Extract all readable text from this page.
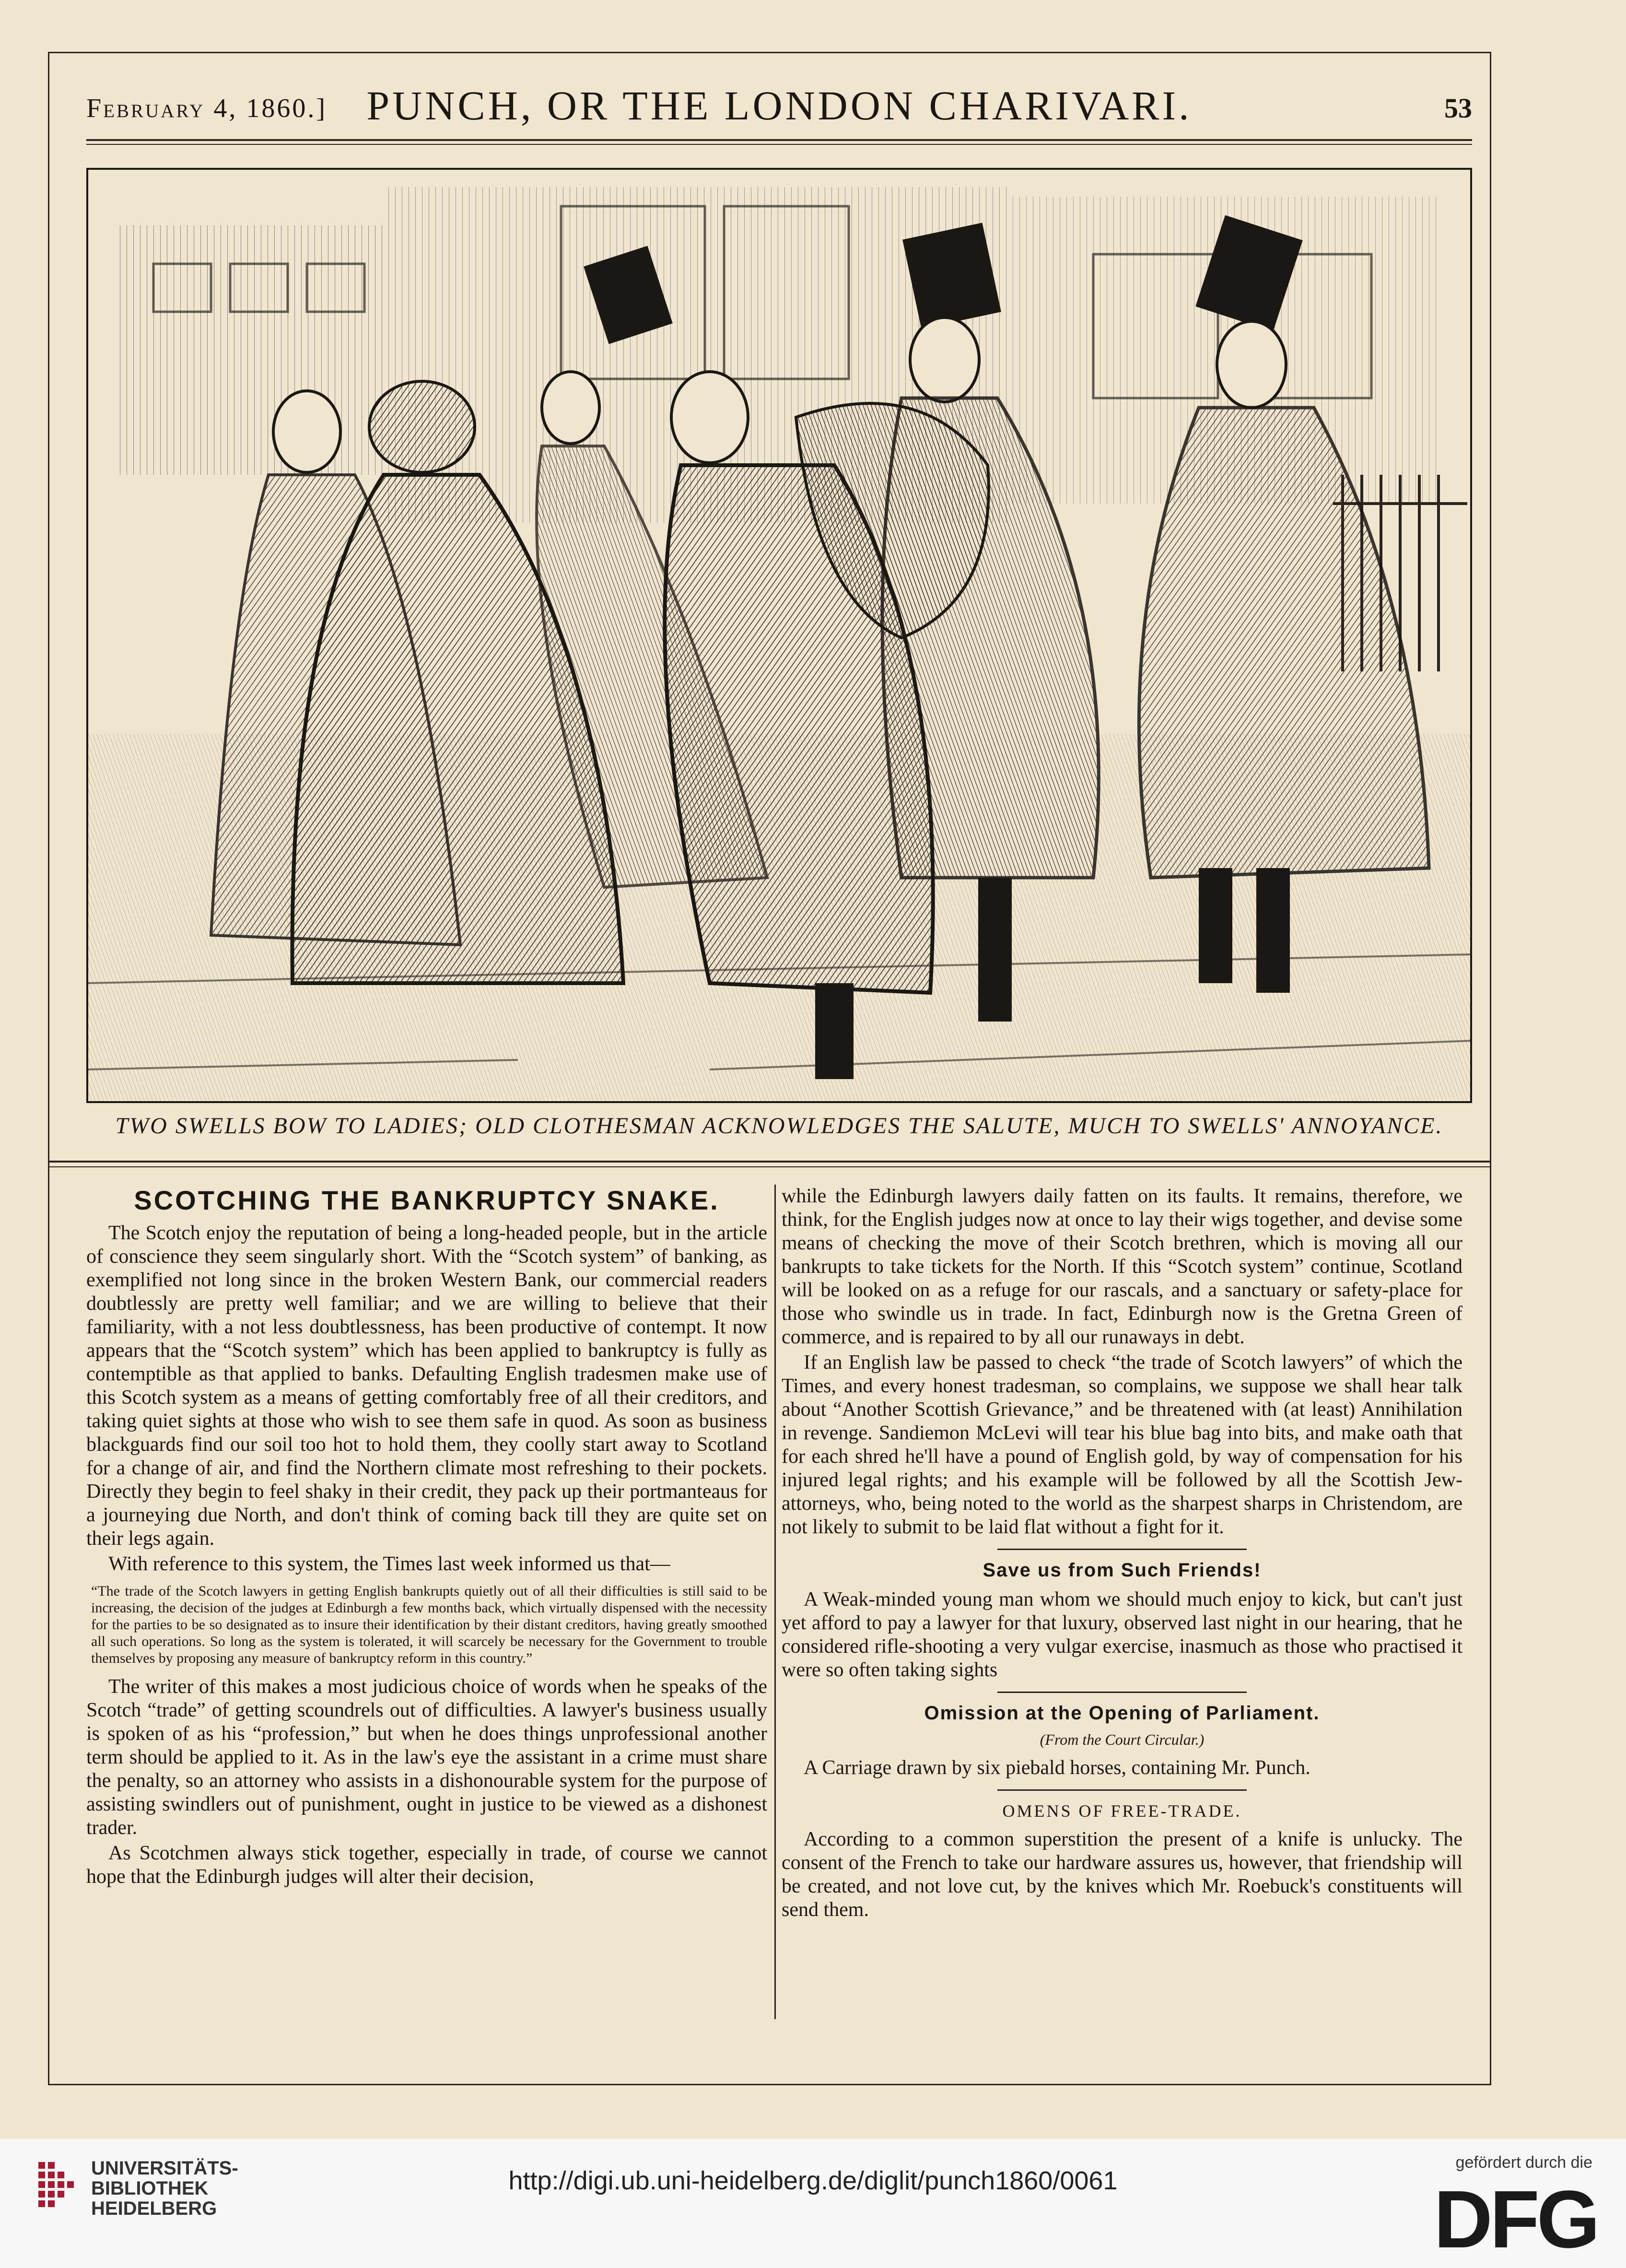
February 4, 1860.] PUNCH, OR THE LONDON CHARIVARI.	53
TWO SWELLS BOW TO LADIES; OLD CLOTHESMAN ACKNOWLEDGES THE SALUTE, MUCH TO SWELLS' ANNOYANCE.
SCOTCHING THE BANKRUPTCY SNAKE.

The Scotch enjoy the reputation of being a long-headed people, but in the article of conscience they seem singularly short. With the “Scotch system” of banking, as exemplified not long since in the broken Western Bank, our commercial readers doubtlessly are pretty well familiar; and we are willing to believe that their familiarity, with a not less doubtlessness, has been productive of contempt. It now appears that the “Scotch system” which has been applied to bankruptcy is fully as contemptible as that applied to banks. Defaulting English tradesmen make use of this Scotch system as a means of getting comfortably free of all their creditors, and taking quiet sights at those who wish to see them safe in quod. As soon as business blackguards find our soil too hot to hold them, they coolly start away to Scotland for a change of air, and find the Northern climate most refreshing to their pockets. Directly they begin to feel shaky in their credit, they pack up their portmanteaus for a journeying due North, and don't think of coming back till they are quite set on their legs again.

With reference to this system, the Times last week informed us that—

“The trade of the Scotch lawyers in getting English bankrupts quietly out of all their difficulties is still said to be increasing, the decision of the judges at Edinburgh a few months back, which virtually dispensed with the necessity for the parties to be so designated as to insure their identification by their distant creditors, having greatly smoothed all such operations. So long as the system is tolerated, it will scarcely be necessary for the Government to trouble themselves by proposing any measure of bankruptcy reform in this country.”

The writer of this makes a most judicious choice of words when he speaks of the Scotch “trade” of getting scoundrels out of difficulties. A lawyer's business usually is spoken of as his “profession,” but when he does things unprofessional another term should be applied to it. As in the law's eye the assistant in a crime must share the penalty, so an attorney who assists in a dishonourable system for the purpose of assisting swindlers out of punishment, ought in justice to be viewed as a dishonest trader.

As Scotchmen always stick together, especially in trade, of course we cannot hope that the Edinburgh judges will alter their decision,

while the Edinburgh lawyers daily fatten on its faults. It remains, therefore, we think, for the English judges now at once to lay their wigs together, and devise some means of checking the move of their Scotch brethren, which is moving all our bankrupts to take tickets for the North. If this “Scotch system” continue, Scotland will be looked on as a refuge for our rascals, and a sanctuary or safety-place for those who swindle us in trade. In fact, Edinburgh now is the Gretna Green of commerce, and is repaired to by all our runaways in debt.

If an English law be passed to check “the trade of Scotch lawyers” of which the Times, and every honest tradesman, so complains, we suppose we shall hear talk about “Another Scottish Grievance,” and be threatened with (at least) Annihilation in revenge. Sandiemon McLevi will tear his blue bag into bits, and make oath that for each shred he'll have a pound of English gold, by way of compensation for his injured legal rights; and his example will be followed by all the Scottish Jew-attorneys, who, being noted to the world as the sharpest sharps in Christendom, are not likely to submit to be laid flat without a fight for it.

Save us from Such Friends!

A Weak-minded young man whom we should much enjoy to kick, but can't just yet afford to pay a lawyer for that luxury, observed last night in our hearing, that he considered rifle-shooting a very vulgar exercise, inasmuch as those who practised it were so often taking sights

Omission at the Opening of Parliament.
(From the Court Circular.)

A Carriage drawn by six piebald horses, containing Mr. Punch.

OMENS OF FREE-TRADE.

According to a common superstition the present of a knife is unlucky. The consent of the French to take our hardware assures us, however, that friendship will be created, and not love cut, by the knives which Mr. Roebuck's constituents will send them.

UNIVERSITÄTS-
BIBLIOTHEK
HEIDELBERG
http://digi.ub.uni-heidelberg.de/diglit/punch1860/0061
gefördert durch die
DFG
